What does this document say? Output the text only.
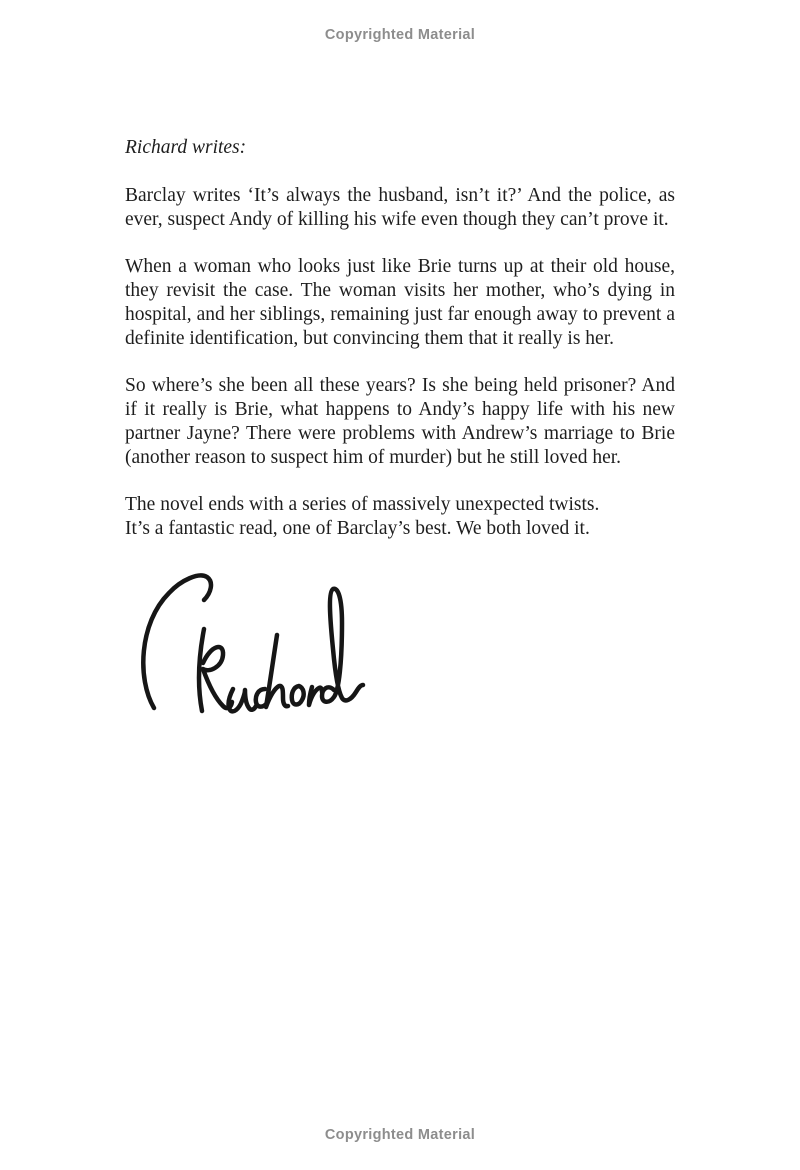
Copyrighted Material

Richard writes:

Barclay writes ‘It’s always the husband, isn’t it?’ And the police, as ever, suspect Andy of killing his wife even though they can’t prove it.

When a woman who looks just like Brie turns up at their old house, they revisit the case. The woman visits her mother, who’s dying in hospital, and her siblings, remaining just far enough away to prevent a definite identification, but convincing them that it really is her.

So where’s she been all these years? Is she being held prisoner? And if it really is Brie, what happens to Andy’s happy life with his new partner Jayne? There were problems with Andrew’s marriage to Brie (another reason to suspect him of murder) but he still loved her.

The novel ends with a series of massively unexpected twists.
It’s a fantastic read, one of Barclay’s best. We both loved it.

Copyrighted Material
